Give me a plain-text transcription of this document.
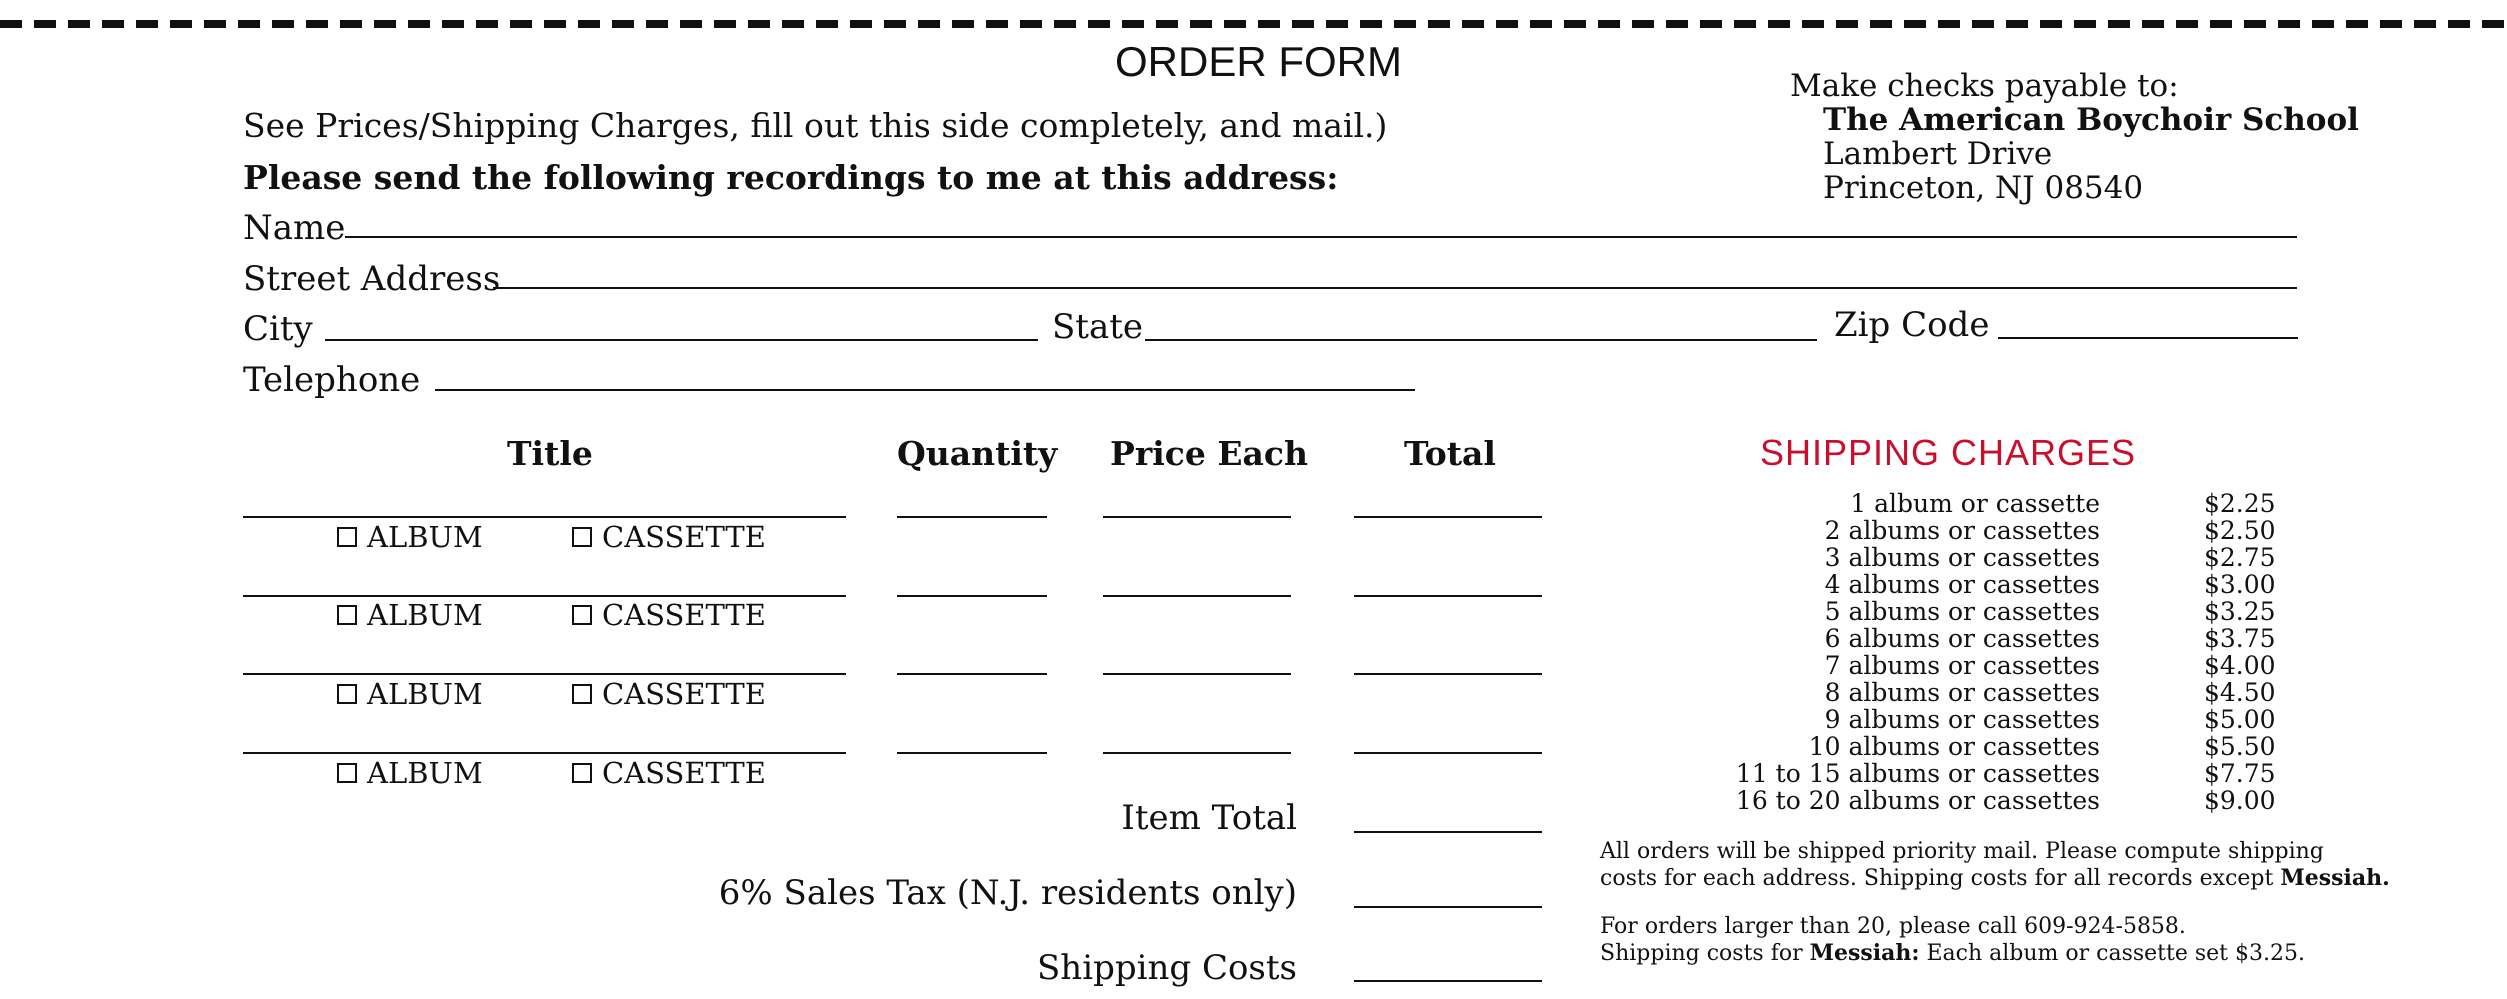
ORDER FORM
See Prices/Shipping Charges, fill out this side completely, and mail.)
Please send the following recordings to me at this address:
Make checks payable to:
The American Boychoir School
Lambert Drive
Princeton, NJ 08540
Name
Street Address
City	State	Zip Code
Telephone
Title	Quantity Price Each	Total
ALBUM	CASSETTE
ALBUM	CASSETTE
ALBUM	CASSETTE
ALBUM	CASSETTE
Item Total
6% Sales Tax (N.J. residents only)
Shipping Costs
SHIPPING CHARGES
1 album or cassette	$2.25
2 albums or cassettes	$2.50
3 albums or cassettes	$2.75
4 albums or cassettes	$3.00
5 albums or cassettes	$3.25
6 albums or cassettes	$3.75
7 albums or cassettes	$4.00
8 albums or cassettes	$4.50
9 albums or cassettes	$5.00
10 albums or cassettes	$5.50
11 to 15 albums or cassettes	$7.75
16 to 20 albums or cassettes	$9.00
All orders will be shipped priority mail. Please compute shipping
costs for each address. Shipping costs for all records except Messiah.
For orders larger than 20, please call 609-924-5858.
Shipping costs for Messiah: Each album or cassette set $3.25.
